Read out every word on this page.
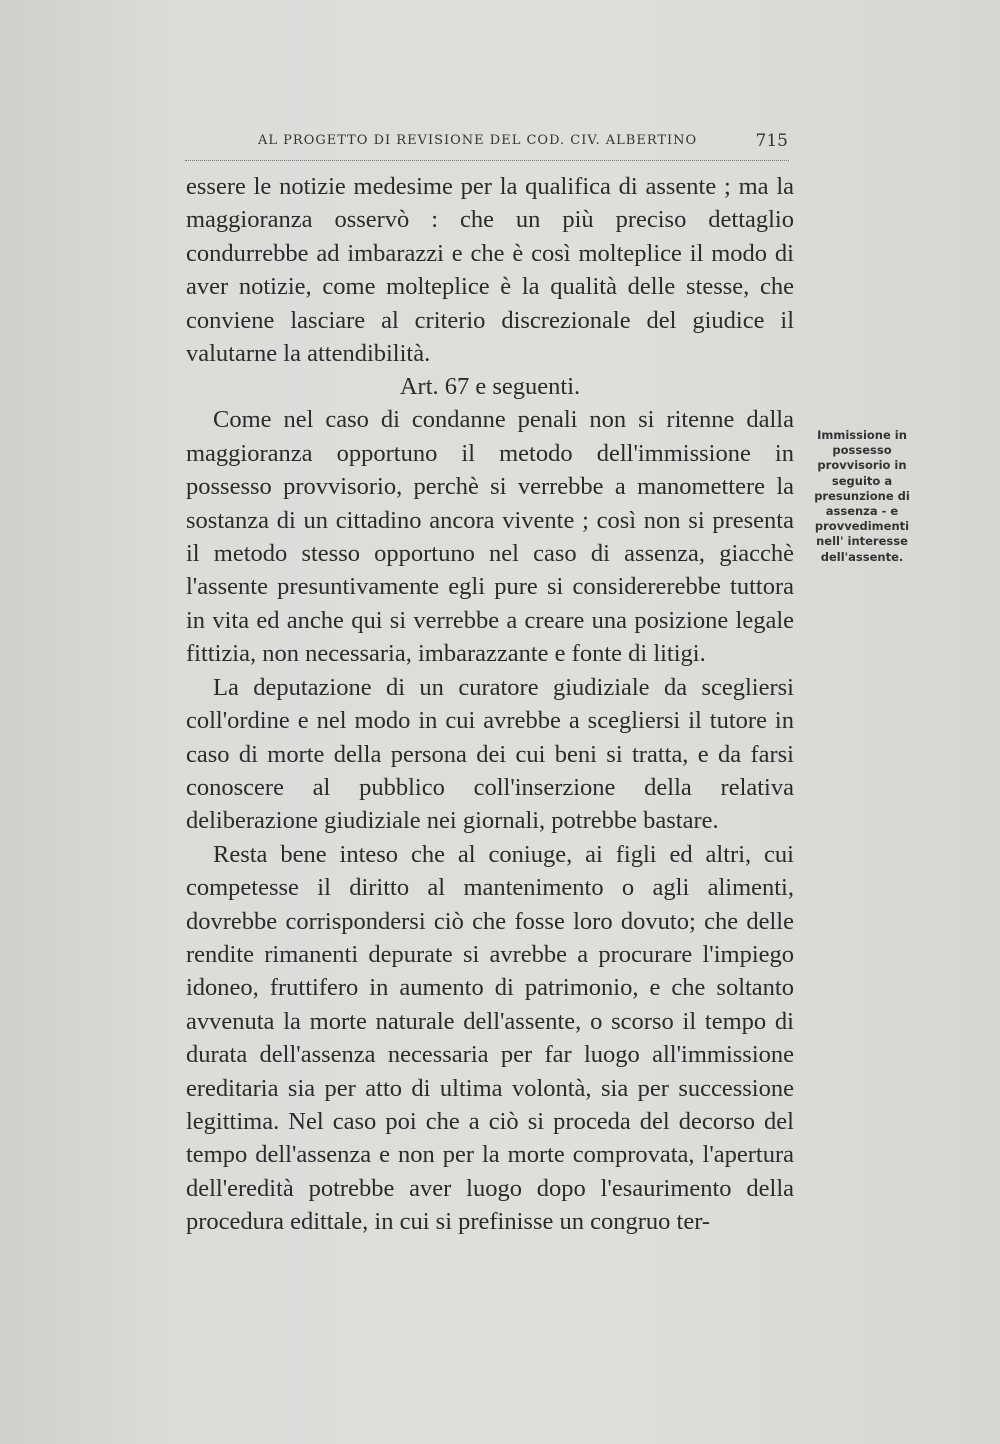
AL PROGETTO DI REVISIONE DEL COD. CIV. ALBERTINO	715

essere le notizie medesime per la qualifica di assente ; ma la maggioranza osservò : che un più preciso dettaglio condurrebbe ad imbarazzi e che è così molteplice il modo di aver notizie, come molteplice è la qualità delle stesse, che conviene lasciare al criterio discrezionale del giudice il valutarne la attendibilità.

Art. 67 e seguenti.

Come nel caso di condanne penali non si ritenne dalla maggioranza opportuno il metodo dell'immissione in possesso provvisorio, perchè si verrebbe a manomettere la sostanza di un cittadino ancora vivente ; così non si presenta il metodo stesso opportuno nel caso di assenza, giacchè l'assente presuntivamente egli pure si considererebbe tuttora in vita ed anche qui si verrebbe a creare una posizione legale fittizia, non necessaria, imbarazzante e fonte di litigi.

La deputazione di un curatore giudiziale da scegliersi coll'ordine e nel modo in cui avrebbe a scegliersi il tutore in caso di morte della persona dei cui beni si tratta, e da farsi conoscere al pubblico coll'inserzione della relativa deliberazione giudiziale nei giornali, potrebbe bastare.

Resta bene inteso che al coniuge, ai figli ed altri, cui competesse il diritto al mantenimento o agli alimenti, dovrebbe corrispondersi ciò che fosse loro dovuto; che delle rendite rimanenti depurate si avrebbe a procurare l'impiego idoneo, fruttifero in aumento di patrimonio, e che soltanto avvenuta la morte naturale dell'assente, o scorso il tempo di durata dell'assenza necessaria per far luogo all'immissione ereditaria sia per atto di ultima volontà, sia per successione legittima. Nel caso poi che a ciò si proceda del decorso del tempo dell'assenza e non per la morte comprovata, l'apertura dell'eredità potrebbe aver luogo dopo l'esaurimento della procedura edittale, in cui si prefinisse un congruo ter-

Immissione in possesso provvisorio in seguito a presunzione di assenza - e provvedimenti nell' interesse dell'assente.
